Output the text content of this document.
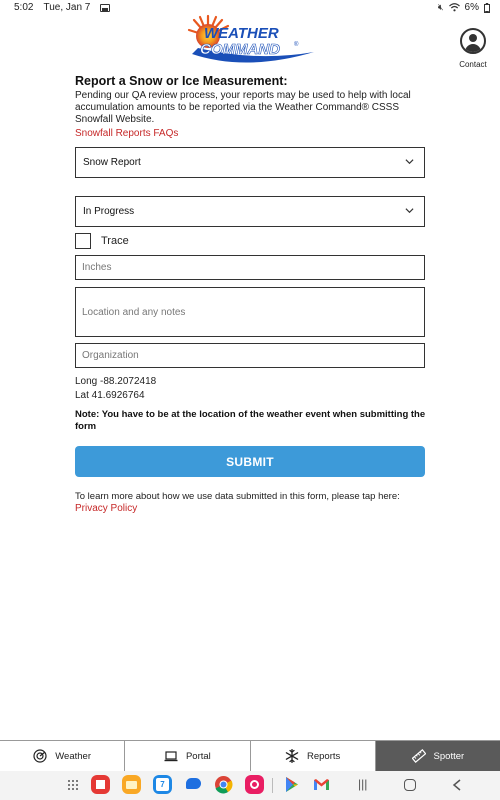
5:02 Tue, Jan 7	🔇︎ 6%
WEATHER
COMMAND ®
Contact
Report a Snow or Ice Measurement:
Pending our QA review process, your reports may be used to help with local accumulation amounts to be reported via the Weather Command® CSSS Snowfall Website.
Snowfall Reports FAQs
Snow Report
In Progress
Trace
Inches
Location and any notes
Organization
Long -88.2072418
Lat 41.6926764
Note: You have to be at the location of the weather event when submitting the form
SUBMIT
To learn more about how we use data submitted in this form, please tap here:
Privacy Policy
Weather	Portal	Reports	Spotter
7	|||
